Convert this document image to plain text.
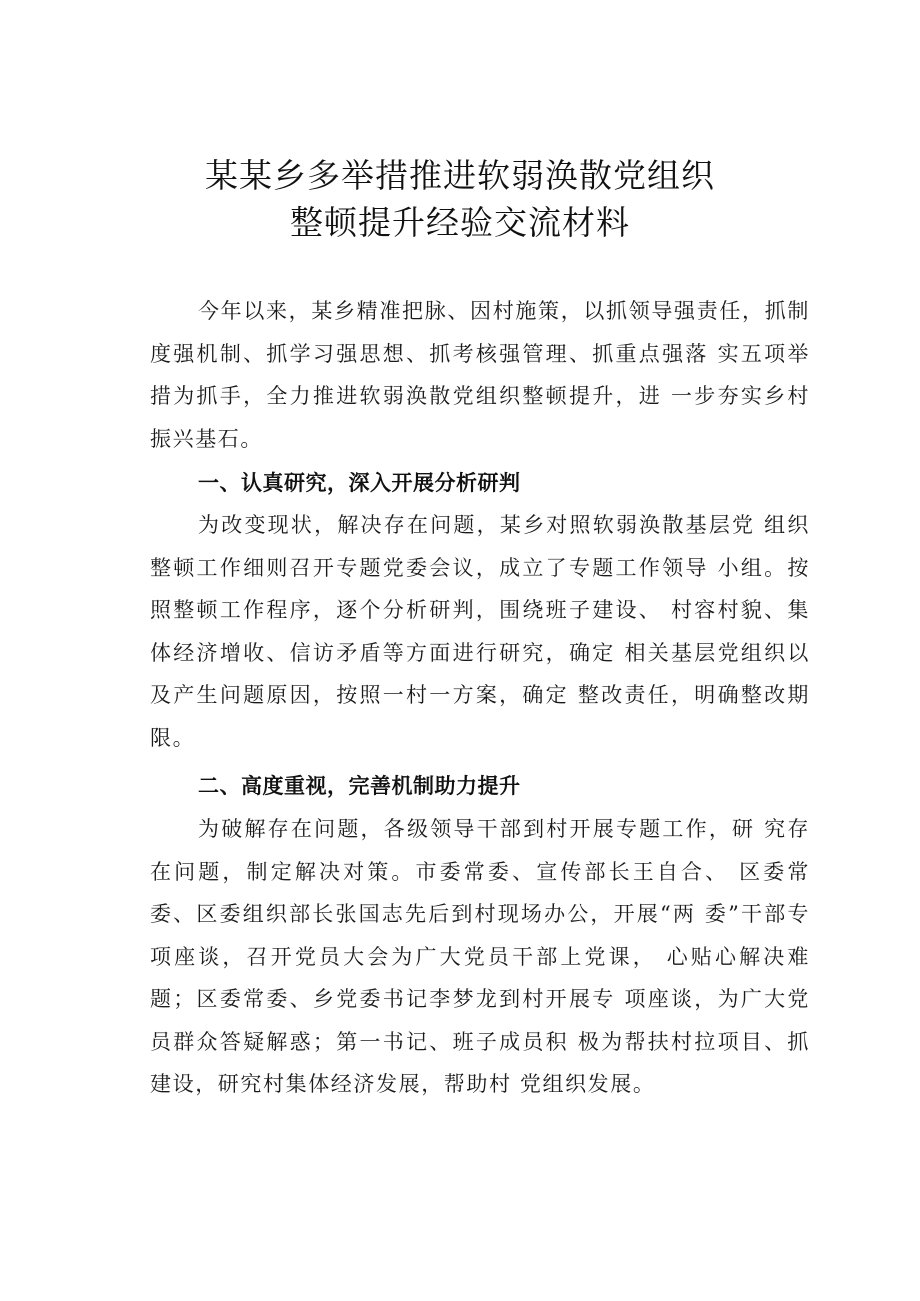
某某乡多举措推进软弱涣散党组织
整顿提升经验交流材料

今年以来，某乡精准把脉、因村施策，以抓领导强责任，抓制度强机制、抓学习强思想、抓考核强管理、抓重点强落 实五项举措为抓手，全力推进软弱涣散党组织整顿提升，进 一步夯实乡村振兴基石。

一、认真研究，深入开展分析研判

为改变现状，解决存在问题，某乡对照软弱涣散基层党 组织整顿工作细则召开专题党委会议，成立了专题工作领导 小组。按照整顿工作程序，逐个分析研判，围绕班子建设、 村容村貌、集体经济增收、信访矛盾等方面进行研究，确定 相关基层党组织以及产生问题原因，按照一村一方案，确定 整改责任，明确整改期限。

二、高度重视，完善机制助力提升

为破解存在问题，各级领导干部到村开展专题工作，研 究存在问题，制定解决对策。市委常委、宣传部长王自合、 区委常委、区委组织部长张国志先后到村现场办公，开展“两 委”干部专项座谈，召开党员大会为广大党员干部上党课， 心贴心解决难题；区委常委、乡党委书记李梦龙到村开展专 项座谈，为广大党员群众答疑解惑；第一书记、班子成员积 极为帮扶村拉项目、抓建设，研究村集体经济发展，帮助村 党组织发展。
